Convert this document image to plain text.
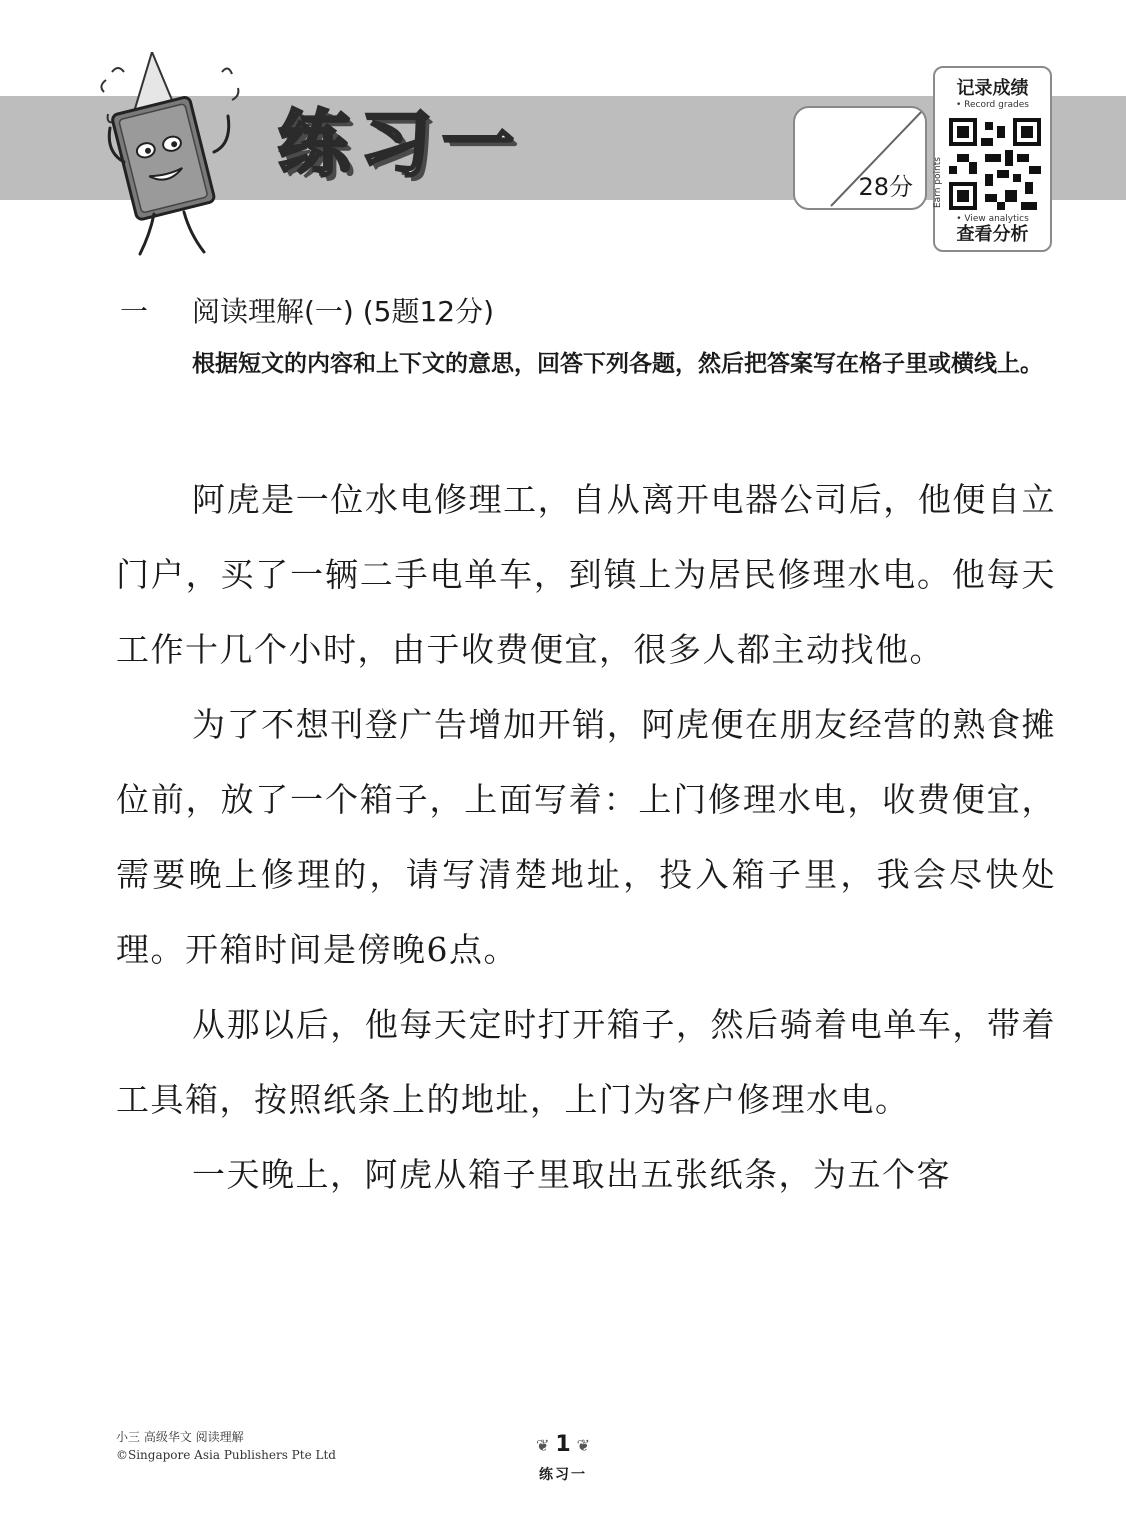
练习一
28分
记录成绩
• Record grades
Earn points
• View analytics
查看分析
一 阅读理解(一) (5题12分)
根据短文的内容和上下文的意思，回答下列各题，然后把答案写在格子里或横线上。

阿虎是一位水电修理工，自从离开电器公司后，他便自立门户，买了一辆二手电单车，到镇上为居民修理水电。他每天工作十几个小时，由于收费便宜，很多人都主动找他。

为了不想刊登广告增加开销，阿虎便在朋友经营的熟食摊位前，放了一个箱子，上面写着：上门修理水电，收费便宜，需要晚上修理的，请写清楚地址，投入箱子里，我会尽快处理。开箱时间是傍晚6点。

从那以后，他每天定时打开箱子，然后骑着电单车，带着工具箱，按照纸条上的地址，上门为客户修理水电。

一天晚上，阿虎从箱子里取出五张纸条，为五个客

小三 高级华文 阅读理解
©Singapore Asia Publishers Pte Ltd	❦ 1 ❦
练习一
